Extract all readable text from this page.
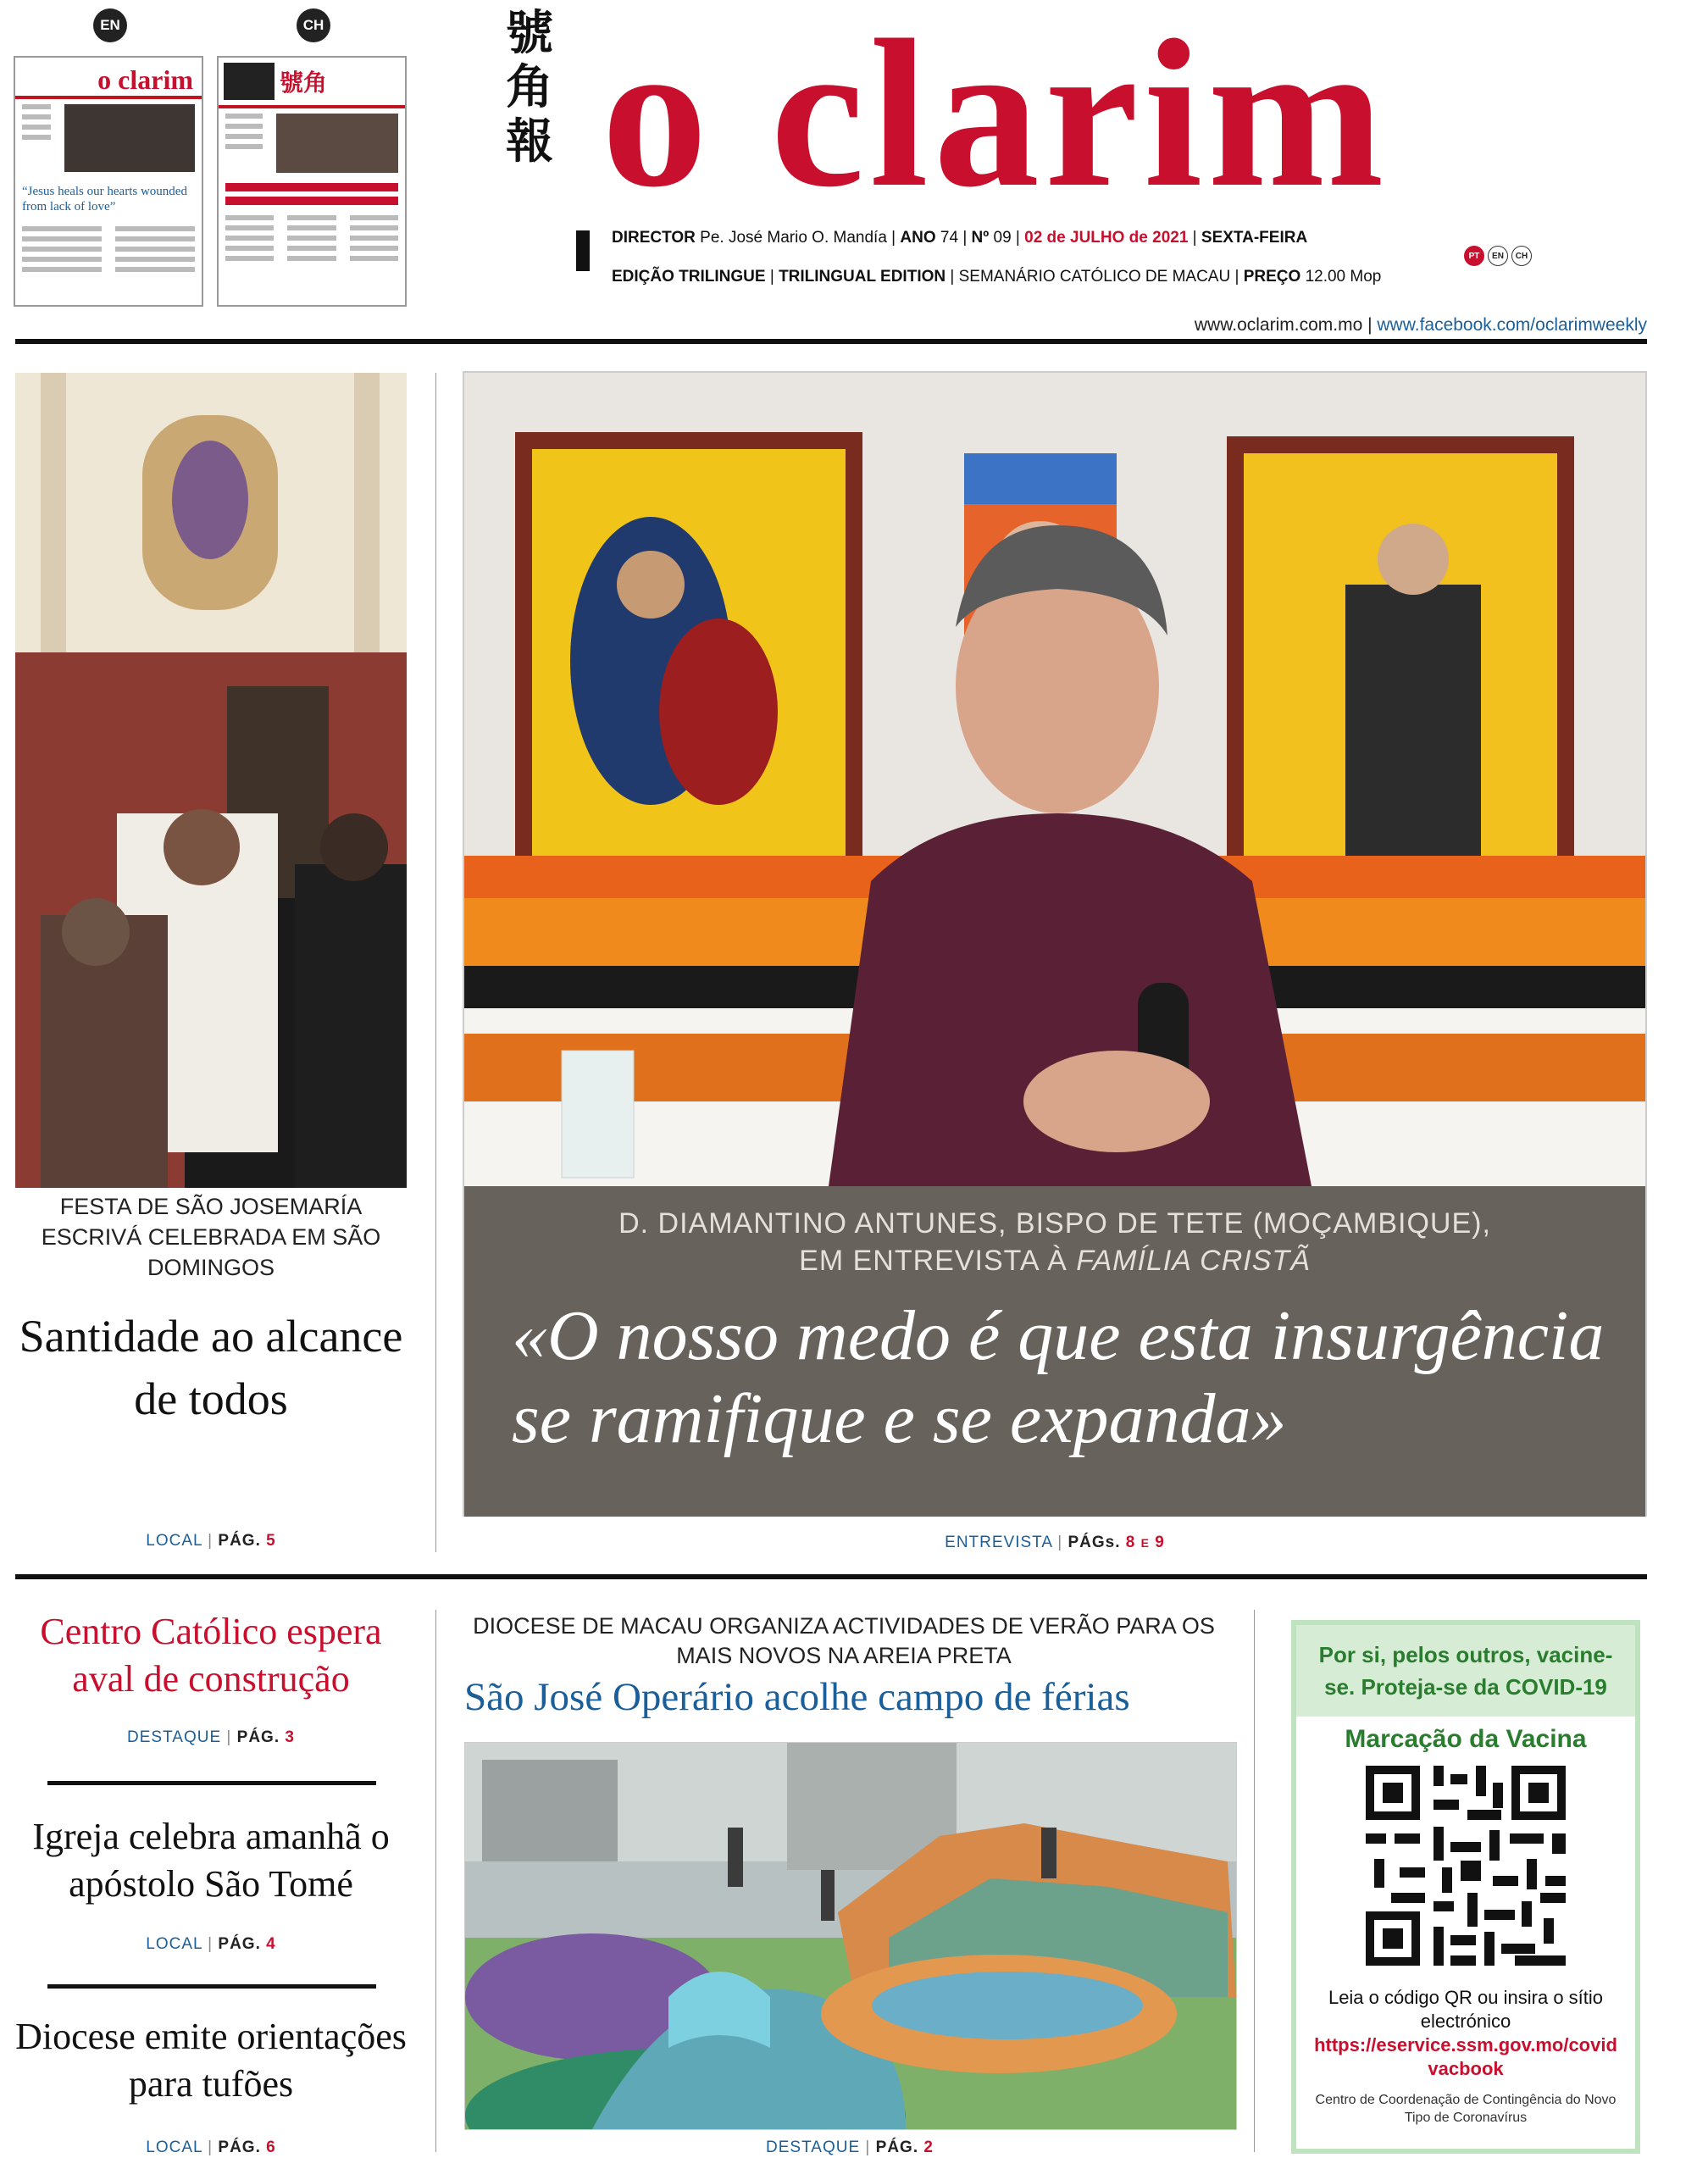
EN	CH
o clarim
“Jesus heals our hearts wounded from lack of love”
號角
號
角
報 o clarim
DIRECTOR Pe. José Mario O. Mandía | ANO 74 | Nº 09 | 02 de JULHO de 2021 | SEXTA-FEIRA
EDIÇÃO TRILINGUE | TRILINGUAL EDITION | SEMANÁRIO CATÓLICO DE MACAU | PREÇO 12.00 Mop
PT	EN	CH
www.oclarim.com.mo | www.facebook.com/oclarimweekly
FESTA DE SÃO JOSEMARÍA ESCRIVÁ CELEBRADA EM SÃO DOMINGOS
Santidade ao alcance de todos
LOCAL | PÁG. 5
D. DIAMANTINO ANTUNES, BISPO DE TETE (MOÇAMBIQUE),
EM ENTREVISTA À FAMÍLIA CRISTÃ
«O nosso medo é que esta insurgência se ramifique e se expanda»
ENTREVISTA | PÁGs. 8 E 9
Centro Católico espera aval de construção
DESTAQUE | PÁG. 3
Igreja celebra amanhã o apóstolo São Tomé
LOCAL | PÁG. 4
Diocese emite orientações para tufões
LOCAL | PÁG. 6
DIOCESE DE MACAU ORGANIZA ACTIVIDADES DE VERÃO PARA OS MAIS NOVOS NA AREIA PRETA
São José Operário acolhe campo de férias
DESTAQUE | PÁG. 2
Por si, pelos outros, vacine-se. Proteja-se da COVID-19
Marcação da Vacina
Leia o código QR ou insira o sítio electrónico
https://eservice.ssm.gov.mo/covidvacbook
Centro de Coordenação de Contingência do Novo Tipo de Coronavírus
